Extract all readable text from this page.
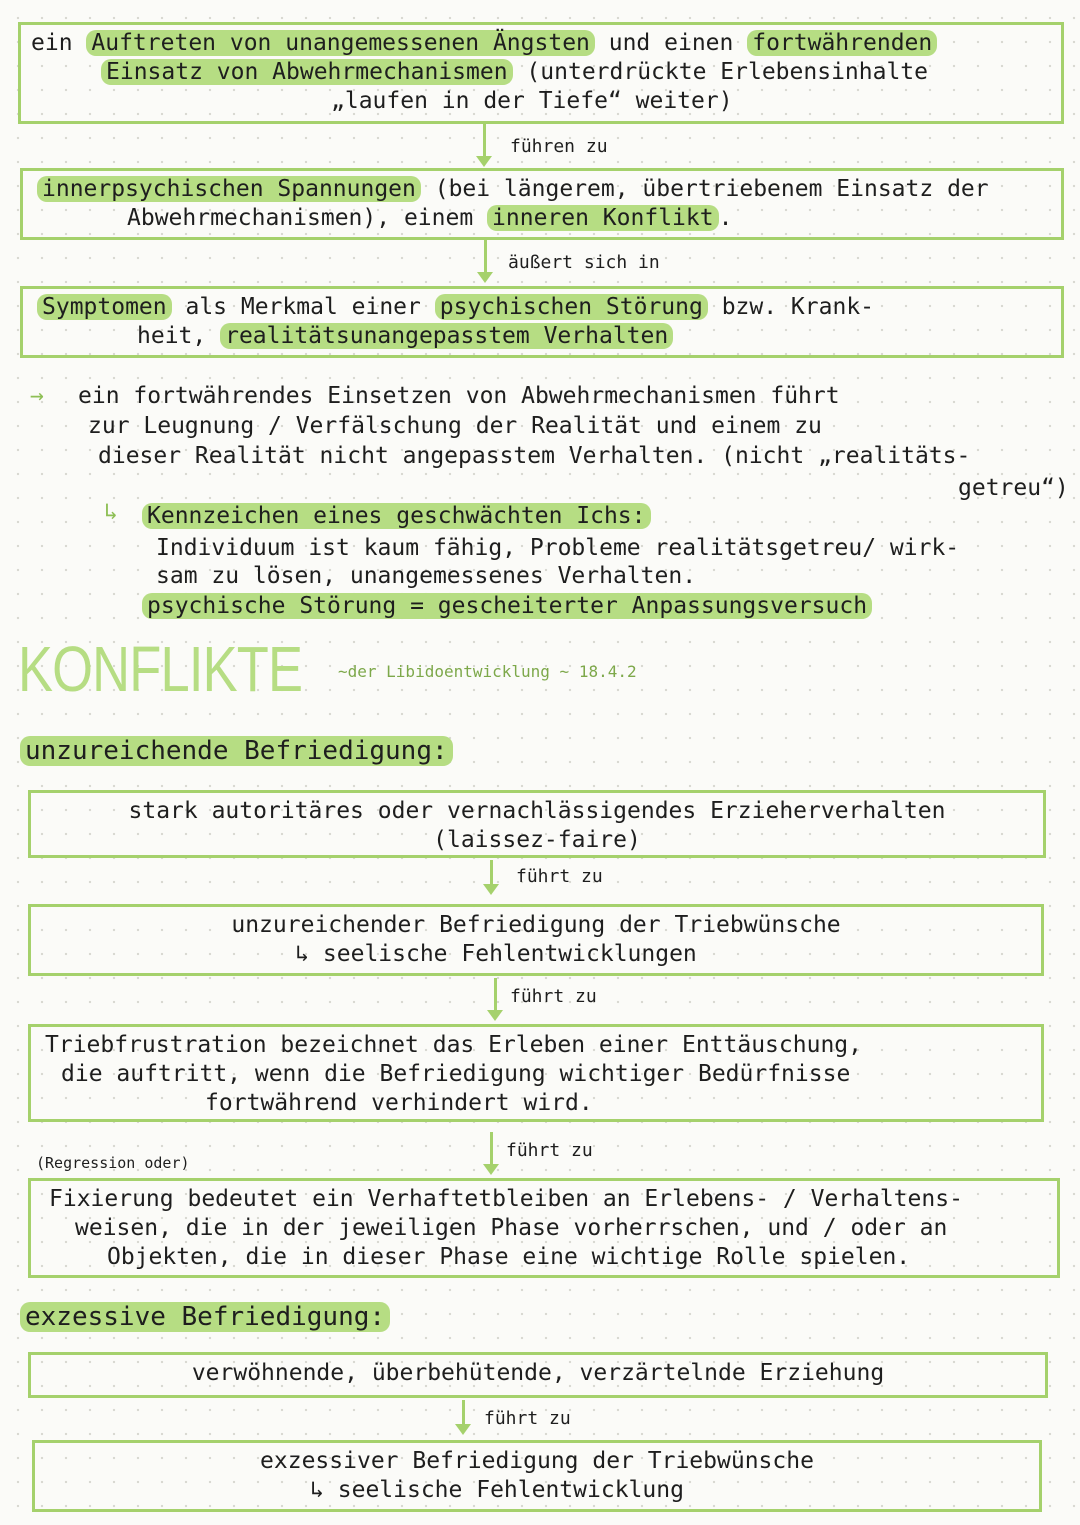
ein Auftreten von unangemessenen Ängsten und einen fortwährenden
Einsatz von Abwehrmechanismen (unterdrückte Erlebensinhalte
„laufen in der Tiefe“ weiter)
führen zu
innerpsychischen Spannungen (bei längerem, übertriebenem Einsatz der
Abwehrmechanismen), einem inneren Konflikt .
äußert sich in
Symptomen als Merkmal einer psychischen Störung bzw. Krank-
heit, realitätsunangepasstem Verhalten
→ ein fortwährendes Einsetzen von Abwehrmechanismen führt
zur Leugnung / Verfälschung der Realität und einem zu
dieser Realität nicht angepasstem Verhalten. (nicht „realitäts-
getreu“)
↳ Kennzeichen eines geschwächten Ichs:
Individuum ist kaum fähig, Probleme realitätsgetreu/ wirk-
sam zu lösen, unangemessenes Verhalten.
psychische Störung = gescheiterter Anpassungsversuch
KONFLIKTE ~der Libidoentwicklung ~ 18.4.2
unzureichende Befriedigung:
stark autoritäres oder vernachlässigendes Erzieherverhalten
(laissez-faire)
führt zu
unzureichender Befriedigung der Triebwünsche
↳ seelische Fehlentwicklungen
führt zu
Triebfrustration bezeichnet das Erleben einer Enttäuschung,
die auftritt, wenn die Befriedigung wichtiger Bedürfnisse
fortwährend verhindert wird.
führt zu
(Regression oder)
Fixierung bedeutet ein Verhaftetbleiben an Erlebens- / Verhaltens-
weisen, die in der jeweiligen Phase vorherrschen, und / oder an
Objekten, die in dieser Phase eine wichtige Rolle spielen.
exzessive Befriedigung:
verwöhnende, überbehütende, verzärtelnde Erziehung
führt zu
exzessiver Befriedigung der Triebwünsche
↳ seelische Fehlentwicklung
